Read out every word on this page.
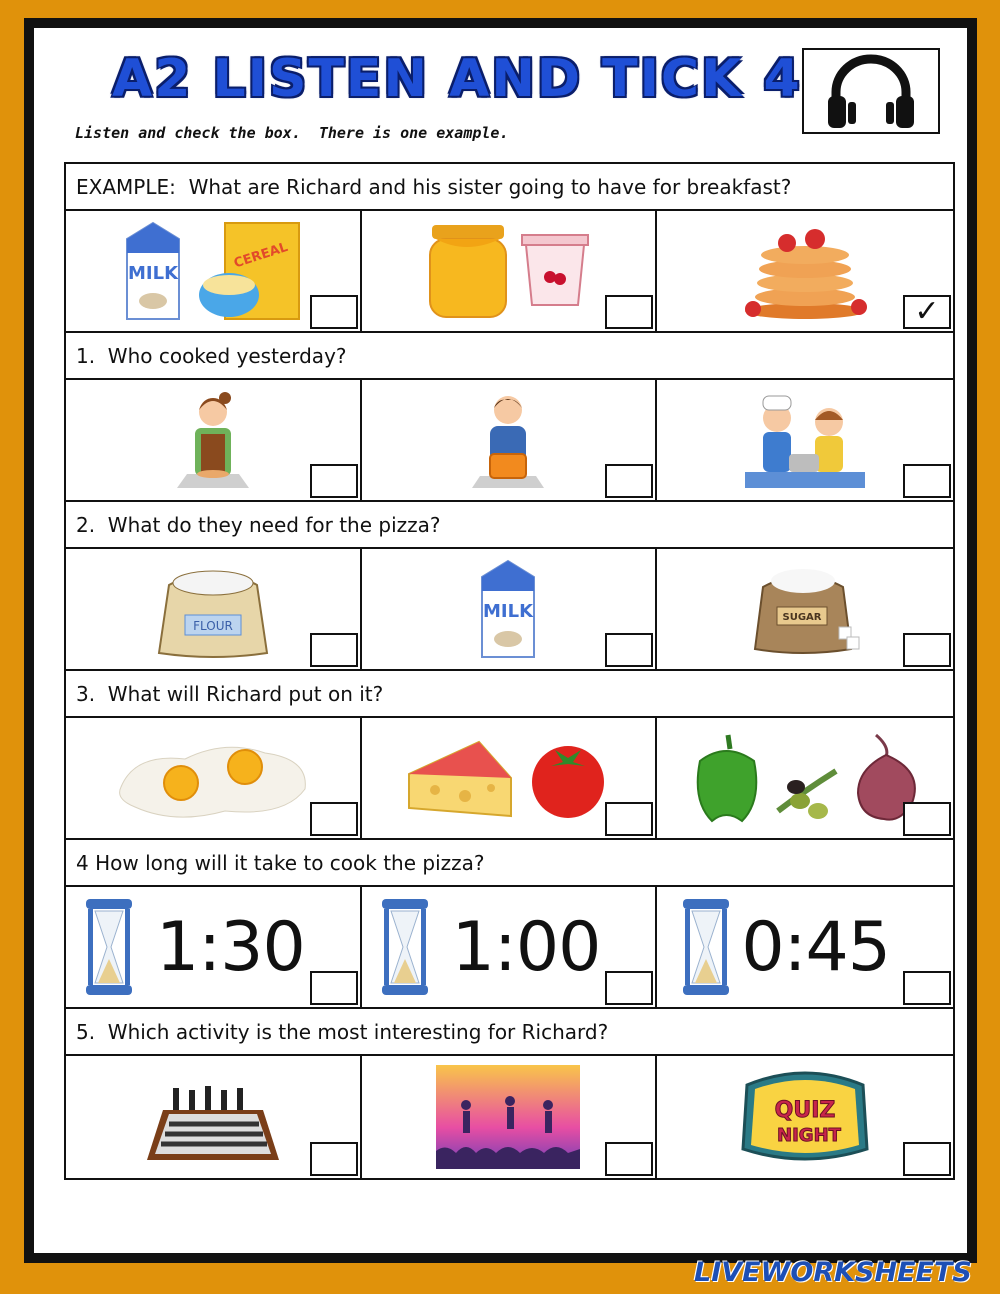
A2 LISTEN AND TICK 4
Listen and check the box.  There is one example.
EXAMPLE:  What are Richard and his sister going to have for breakfast?
MILK
CEREAL
✓
1.  Who cooked yesterday?
2.  What do they need for the pizza?
FLOUR
MILK	SUGAR
3.  What will Richard put on it?
4 How long will it take to cook the pizza?
1:30 1:00 0:45
5.  Which activity is the most interesting for Richard?
QUIZ
NIGHT
LIVEWORKSHEETS
